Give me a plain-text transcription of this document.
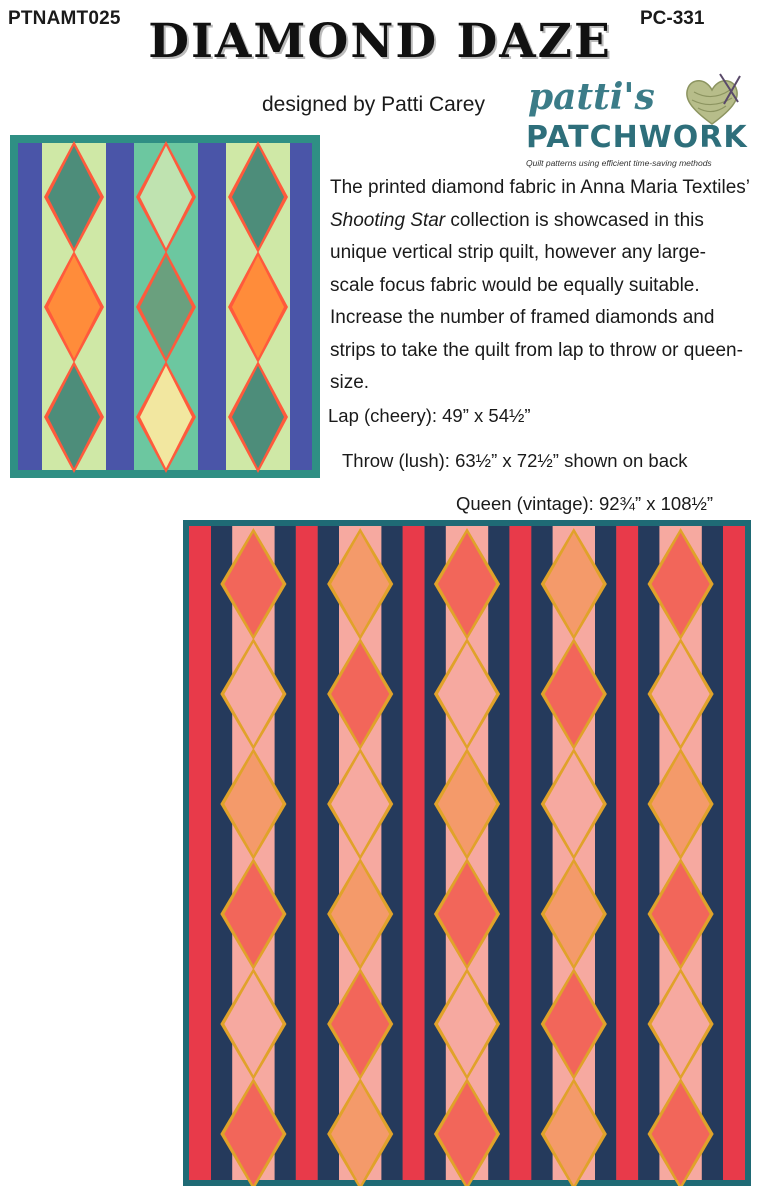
PTNAMT025	PC-331
DIAMOND DAZE
designed by Patti Carey patti's
PATCHWORK
Quilt patterns using efficient time-saving methods
The printed diamond fabric in Anna Maria Textiles’ Shooting Star collection is showcased in this unique vertical strip quilt, however any large-scale focus fabric would be equally suitable. Increase the number of framed diamonds and strips to take the quilt from lap to throw or queen-size.
Lap (cheery): 49” x 54½”
Throw (lush): 63½” x 72½” shown on back
Queen (vintage): 92¾” x 108½”
